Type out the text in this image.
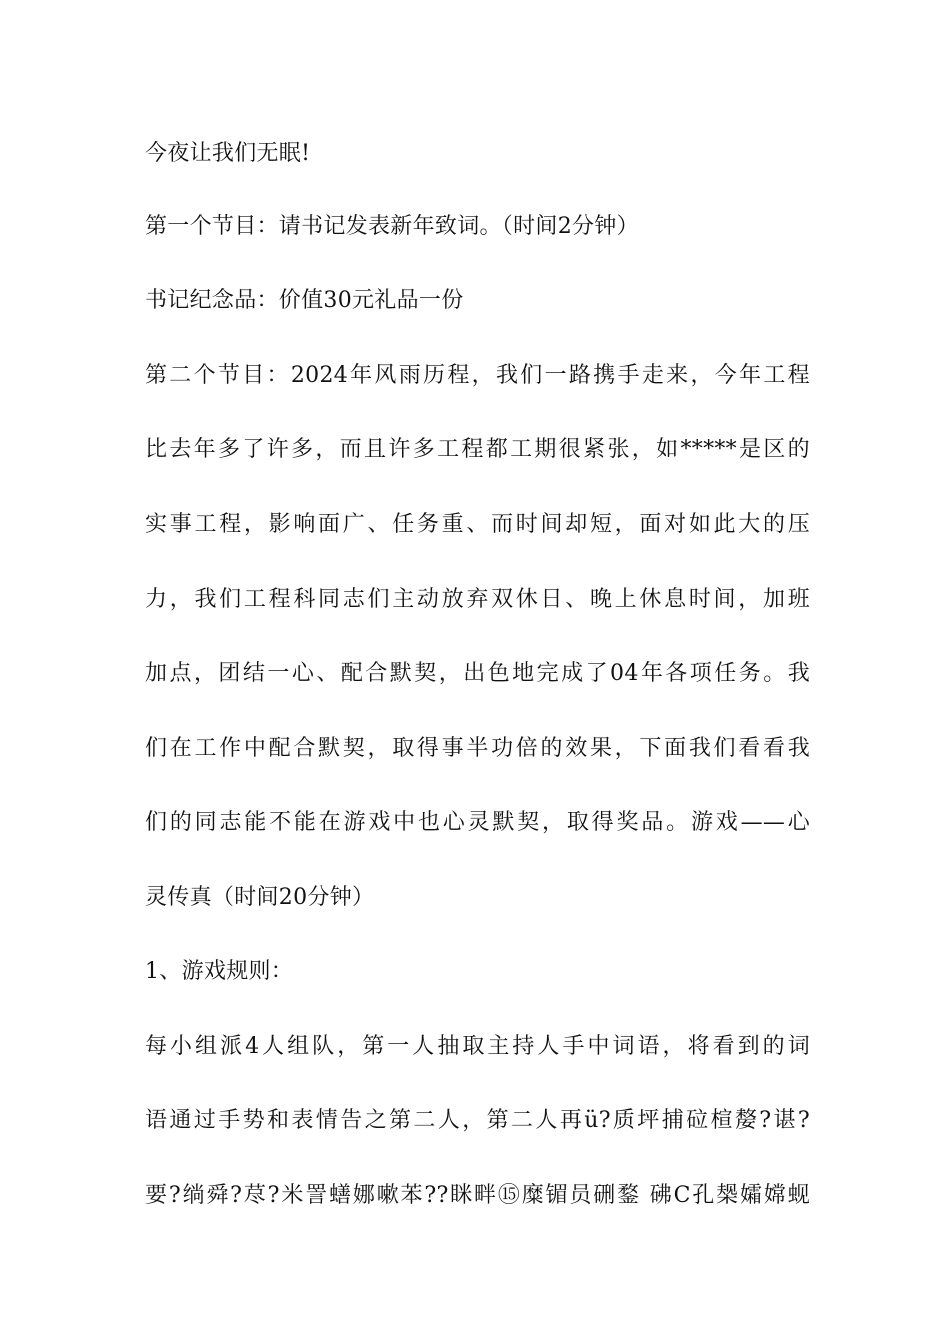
今夜让我们无眠!
第一个节目：请书记发表新年致词。（时间2分钟）
书记纪念品：价值30元礼品一份
第二个节目：2024年风雨历程，我们一路携手走来，今年工程
比去年多了许多，而且许多工程都工期很紧张，如*****是区的
实事工程，影响面广、任务重、而时间却短，面对如此大的压
力，我们工程科同志们主动放弃双休日、晚上休息时间，加班
加点，团结一心、配合默契，出色地完成了04年各项任务。我
们在工作中配合默契，取得事半功倍的效果，下面我们看看我
们的同志能不能在游戏中也心灵默契，取得奖品。游戏——心
灵传真（时间20分钟）
1、游戏规则：
每小组派4人组队，第一人抽取主持人手中词语，将看到的词
语通过手势和表情告之第二人，第二人再ü?质坪捕砬楦嫠?谌?
要?绱舜?荩?米詈蟮娜嗽苯??眯畔⑮糜镅员硎鍪 砩С孔椝孀嫦蚬
